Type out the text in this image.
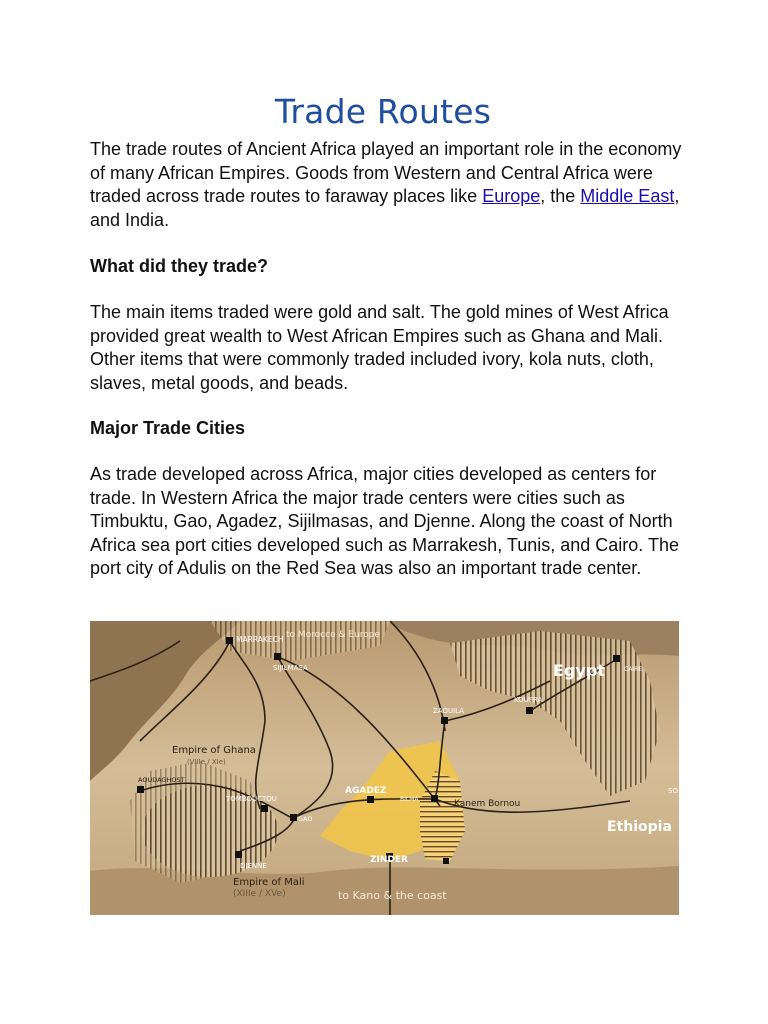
Trade Routes

The trade routes of Ancient Africa played an important role in the economy of many African Empires. Goods from Western and Central Africa were traded across trade routes to faraway places like Europe, the Middle East, and India.

What did they trade?

The main items traded were gold and salt. The gold mines of West Africa provided great wealth to West African Empires such as Ghana and Mali. Other items that were commonly traded included ivory, kola nuts, cloth, slaves, metal goods, and beads.

Major Trade Cities

As trade developed across Africa, major cities developed as centers for trade. In Western Africa the major trade centers were cities such as Timbuktu, Gao, Agadez, Sijilmasas, and Djenne. Along the coast of North Africa sea port cities developed such as Marrakesh, Tunis, and Cairo. The port city of Adulis on the Red Sea was also an important trade center.

MARRAKECH to Morocco & Europe
SIJILMASA	Egypt	CAIRE
ZAOUILA
KOUFRA
Empire of Ghana
(VIIIe / XIe)
AOUDAGHOST
TOMBOUCTOU
GAO
AGADEZ
BILMA	Kanem Bornou
Ethiopia
SO
DJENNE
ZINDER
Empire of Mali
(XIIIe / XVe)	to Kano & the coast
